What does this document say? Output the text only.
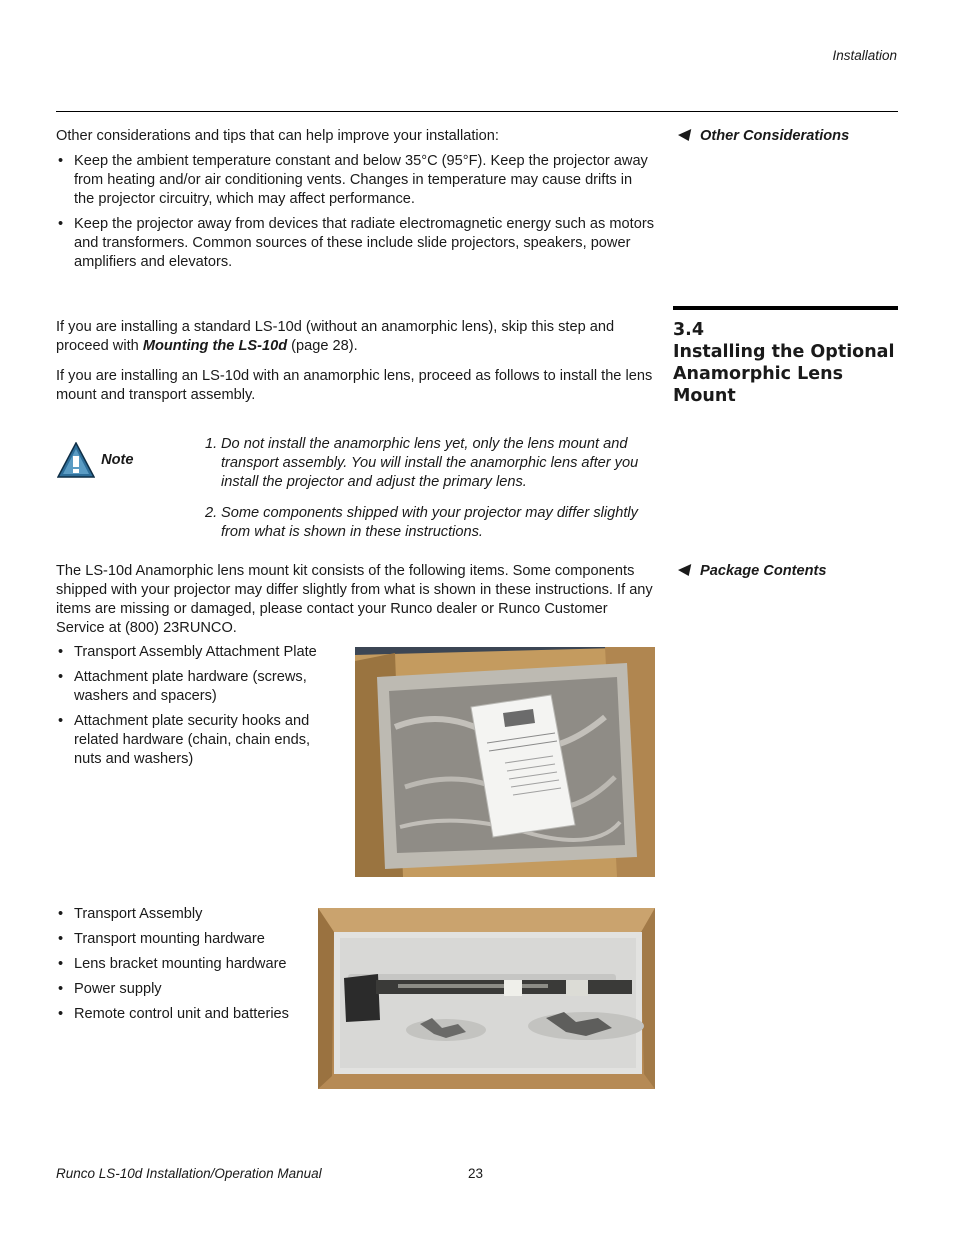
Installation
Other Considerations

Other considerations and tips that can help improve your installation:

• Keep the ambient temperature constant and below 35°C (95°F). Keep the projector away from heating and/or air conditioning vents. Changes in temperature may cause drifts in the projector circuitry, which may affect performance.
• Keep the projector away from devices that radiate electromagnetic energy such as motors and transformers. Common sources of these include slide projectors, speakers, power amplifiers and elevators.
3.4
Installing the Optional Anamorphic Lens Mount

If you are installing a standard LS-10d (without an anamorphic lens), skip this step and proceed with Mounting the LS-10d (page 28).

If you are installing an LS-10d with an anamorphic lens, proceed as follows to install the lens mount and transport assembly.

Note
1. Do not install the anamorphic lens yet, only the lens mount and transport assembly. You will install the anamorphic lens after you install the projector and adjust the primary lens.
2. Some components shipped with your projector may differ slightly from what is shown in these instructions.
Package Contents
The LS-10d Anamorphic lens mount kit consists of the following items. Some components shipped with your projector may differ slightly from what is shown in these instructions. If any items are missing or damaged, please contact your Runco dealer or Runco Customer Service at (800) 23RUNCO.
• Transport Assembly Attachment Plate
• Attachment plate hardware (screws, washers and spacers)
• Attachment plate security hooks and related hardware (chain, chain ends, nuts and washers)
• Transport Assembly
• Transport mounting hardware
• Lens bracket mounting hardware
• Power supply
• Remote control unit and batteries
Runco LS-10d Installation/Operation Manual	23
